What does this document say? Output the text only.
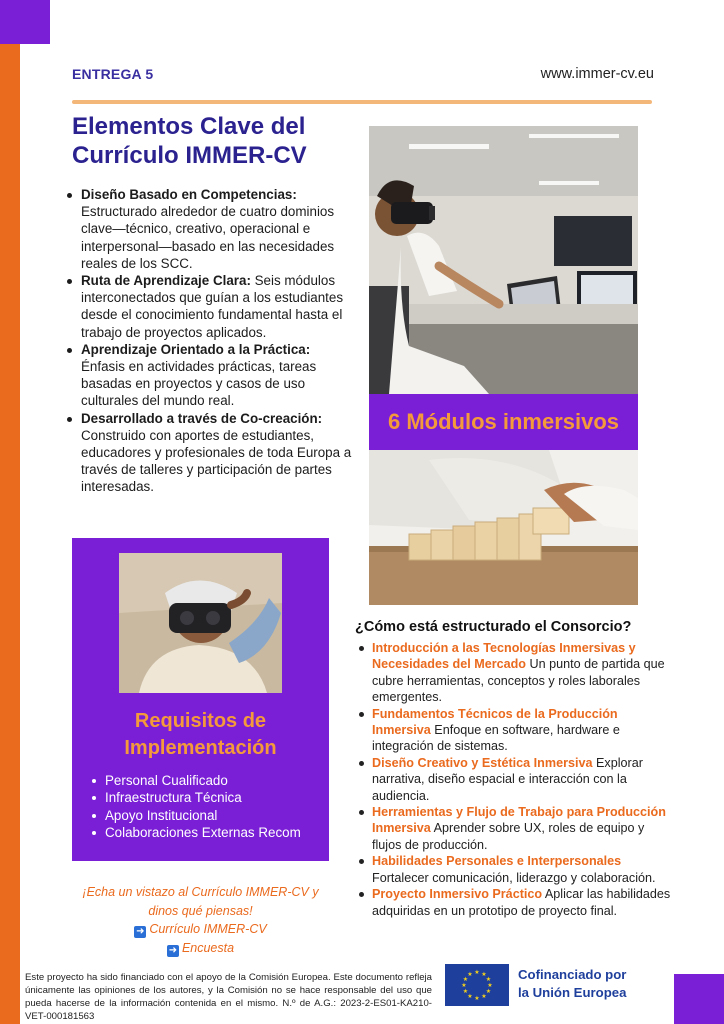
ENTREGA 5	www.immer-cv.eu
Elementos Clave del Currículo IMMER-CV
Diseño Basado en Competencias: Estructurado alrededor de cuatro dominios clave—técnico, creativo, operacional e interpersonal—basado en las necesidades reales de los SCC.
Ruta de Aprendizaje Clara: Seis módulos interconectados que guían a los estudiantes desde el conocimiento fundamental hasta el trabajo de proyectos aplicados.
Aprendizaje Orientado a la Práctica: Énfasis en actividades prácticas, tareas basadas en proyectos y casos de uso culturales del mundo real.
Desarrollado a través de Co-creación: Construido con aportes de estudiantes, educadores y profesionales de toda Europa a través de talleres y participación de partes interesadas.
6 Módulos inmersivos
Requisitos de Implementación
Personal Cualificado
Infraestructura Técnica
Apoyo Institucional
Colaboraciones Externas Recom
¡Echa un vistazo al Currículo IMMER-CV y
dinos qué piensas!
➜ Currículo IMMER-CV
➜ Encuesta
¿Cómo está estructurado el Consorcio?
Introducción a las Tecnologías Inmersivas y Necesidades del Mercado Un punto de partida que cubre herramientas, conceptos y roles laborales emergentes.
Fundamentos Técnicos de la Producción Inmersiva Enfoque en software, hardware e integración de sistemas.
Diseño Creativo y Estética Inmersiva Explorar narrativa, diseño espacial e interacción con la audiencia.
Herramientas y Flujo de Trabajo para Producción Inmersiva Aprender sobre UX, roles de equipo y flujos de producción.
Habilidades Personales e Interpersonales Fortalecer comunicación, liderazgo y colaboración.
Proyecto Inmersivo Práctico Aplicar las habilidades adquiridas en un prototipo de proyecto final.
Este proyecto ha sido financiado con el apoyo de la Comisión Europea. Este documento refleja únicamente las opiniones de los autores, y la Comisión no se hace responsable del uso que pueda hacerse de la información contenida en el mismo. N.º de A.G.: 2023-2-ES01-KA210-VET-000181563
★ ★
★
★
★
★
★
★
★
★
★
★	Cofinanciado por
la Unión Europea
